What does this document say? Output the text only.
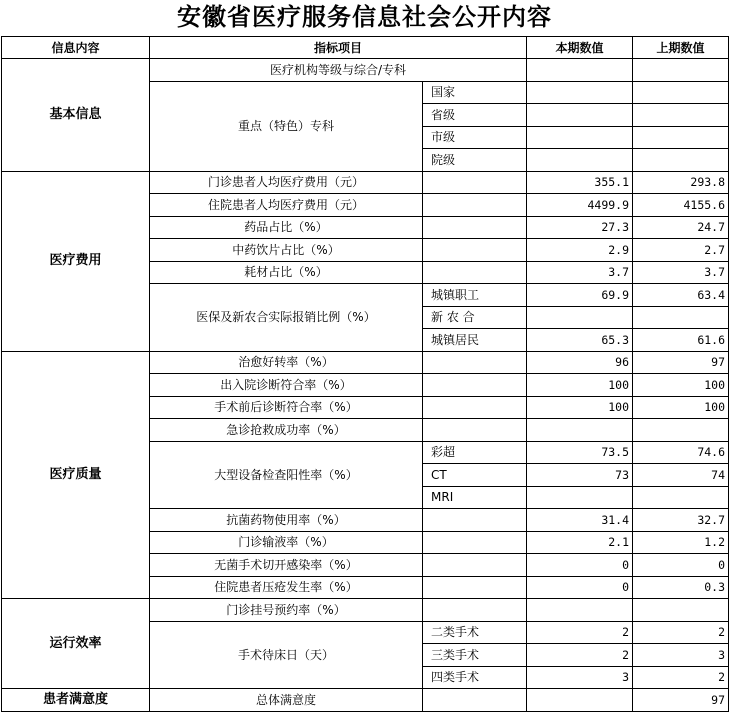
安徽省医疗服务信息社会公开内容
信息内容	指标项目		本期数值	上期数值
基本信息	医疗机构等级与综合/专科			
	重点（特色）专科	国家		
		省级		
		市级		
		院级		
医疗费用	门诊患者人均医疗费用（元）		355.1	293.8
	住院患者人均医疗费用（元）		4499.9	4155.6
	药品占比（%）		27.3	24.7
	中药饮片占比（%）		2.9	2.7
	耗材占比（%）		3.7	3.7
	医保及新农合实际报销比例（%）	城镇职工	69.9	63.4
		新 农 合		
		城镇居民	65.3	61.6
医疗质量	治愈好转率（%）		96	97
	出入院诊断符合率（%）		100	100
	手术前后诊断符合率（%）		100	100
	急诊抢救成功率（%）			
	大型设备检查阳性率（%）	彩超	73.5	74.6
		CT	73	74
		MRI		
	抗菌药物使用率（%）		31.4	32.7
	门诊输液率（%）		2.1	1.2
	无菌手术切开感染率（%）		0	0
	住院患者压疮发生率（%）		0	0.3
运行效率	门诊挂号预约率（%）			
	手术待床日（天）	二类手术	2	2
		三类手术	2	3
		四类手术	3	2
患者满意度	总体满意度			97
